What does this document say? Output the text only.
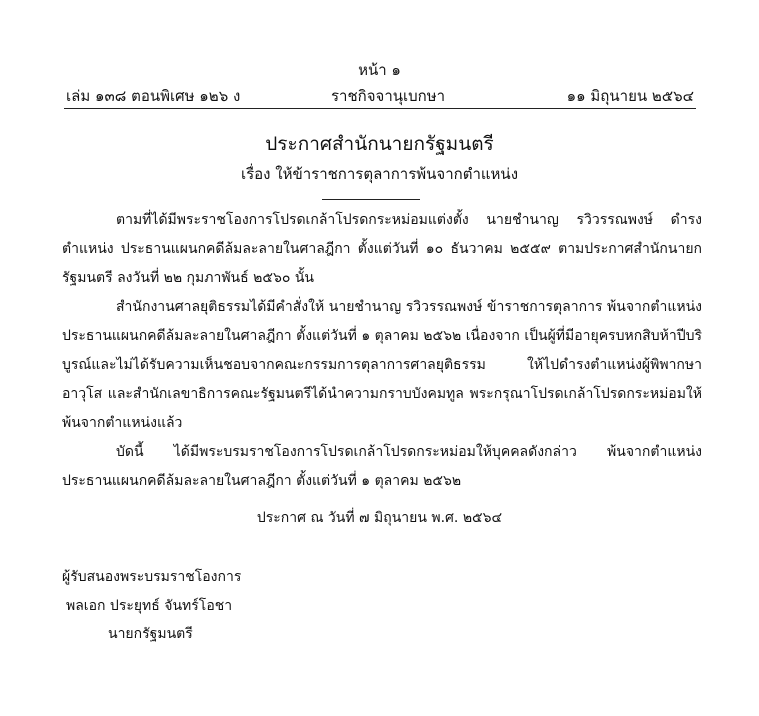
หน้า ๑
เล่ม ๑๓๘ ตอนพิเศษ ๑๒๖ ง	ราชกิจจานุเบกษา	๑๑ มิถุนายน ๒๕๖๔
ประกาศสำนักนายกรัฐมนตรี
เรื่อง ให้ข้าราชการตุลาการพ้นจากตำแหน่ง

ตามที่ได้มีพระราชโองการโปรดเกล้าโปรดกระหม่อมแต่งตั้ง นายชำนาญ รวิวรรณพงษ์ ดำรงตำแหน่ง ประธานแผนกคดีล้มละลายในศาลฎีกา ตั้งแต่วันที่ ๑๐ ธันวาคม ๒๕๕๙ ตามประกาศสำนักนายกรัฐมนตรี ลงวันที่ ๒๒ กุมภาพันธ์ ๒๕๖๐ นั้น

สำนักงานศาลยุติธรรมได้มีคำสั่งให้ นายชำนาญ รวิวรรณพงษ์ ข้าราชการตุลาการ พ้นจากตำแหน่ง ประธานแผนกคดีล้มละลายในศาลฎีกา ตั้งแต่วันที่ ๑ ตุลาคม ๒๕๖๒ เนื่องจาก เป็นผู้ที่มีอายุครบหกสิบห้าปีบริบูรณ์และไม่ได้รับความเห็นชอบจากคณะกรรมการตุลาการศาลยุติธรรม ให้ไปดำรงตำแหน่งผู้พิพากษาอาวุโส และสำนักเลขาธิการคณะรัฐมนตรีได้นำความกราบบังคมทูล พระกรุณาโปรดเกล้าโปรดกระหม่อมให้พ้นจากตำแหน่งแล้ว

บัดนี้ ได้มีพระบรมราชโองการโปรดเกล้าโปรดกระหม่อมให้บุคคลดังกล่าว พ้นจากตำแหน่ง ประธานแผนกคดีล้มละลายในศาลฎีกา ตั้งแต่วันที่ ๑ ตุลาคม ๒๕๖๒

ประกาศ ณ วันที่ ๗ มิถุนายน พ.ศ. ๒๕๖๔
ผู้รับสนองพระบรมราชโองการ
พลเอก ประยุทธ์ จันทร์โอชา
นายกรัฐมนตรี
